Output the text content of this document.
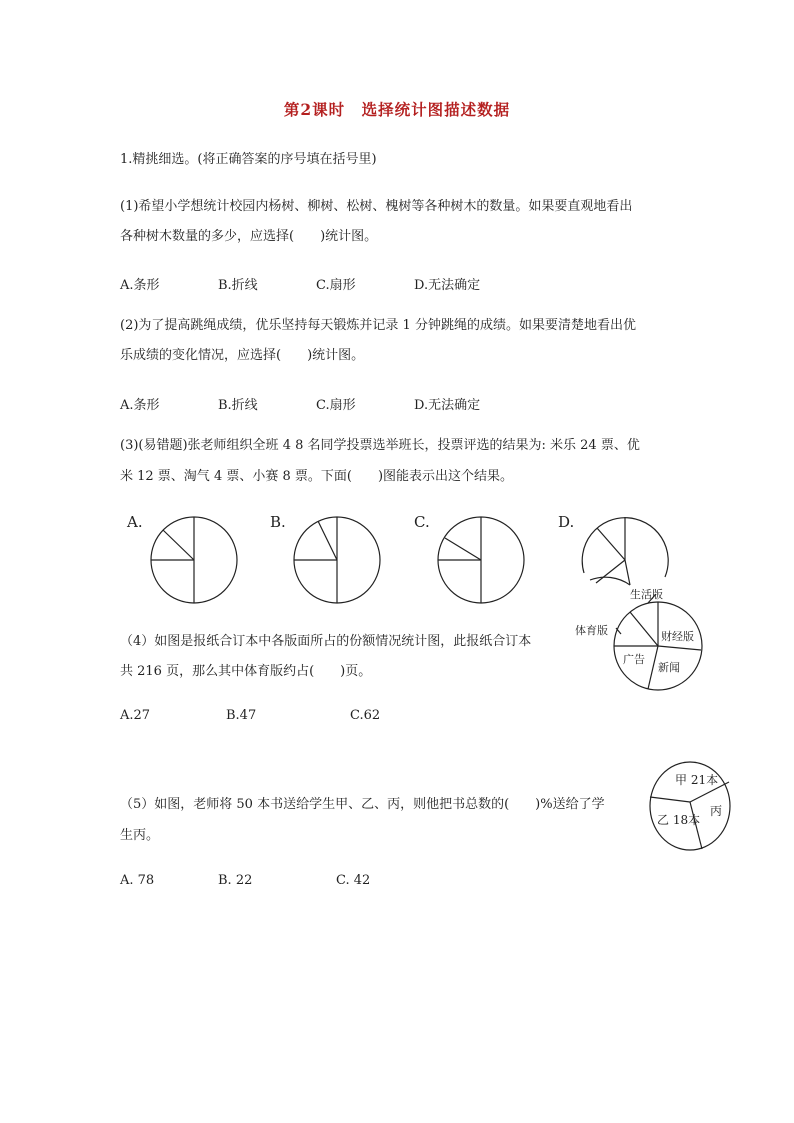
第2课时　选择统计图描述数据
1.精挑细选。(将正确答案的序号填在括号里)
(1)希望小学想统计校园内杨树、柳树、松树、槐树等各种树木的数量。如果要直观地看出
各种树木数量的多少，应选择(　　)统计图。
A.条形	B.折线	C.扇形	D.无法确定
(2)为了提高跳绳成绩，优乐坚持每天锻炼并记录 1 分钟跳绳的成绩。如果要清楚地看出优
乐成绩的变化情况，应选择(　　)统计图。
A.条形	B.折线	C.扇形	D.无法确定
(3)(易错题)张老师组织全班 4 8 名同学投票选举班长，投票评选的结果为: 米乐 24 票、优
米 12 票、淘气 4 票、小赛 8 票。下面(　　)图能表示出这个结果。
A.	B.	C.	D.
生活版
体育版	财经版
广告
新闻
（4）如图是报纸合订本中各版面所占的份额情况统计图，此报纸合订本
共 216 页，那么其中体育版约占(　　)页。
A.27	B.47	C.62
甲 21本
乙 18本
丙
（5）如图，老师将 50 本书送给学生甲、乙、丙，则他把书总数的(　　)%送给了学
生丙。
A. 78	B. 22	C. 42
